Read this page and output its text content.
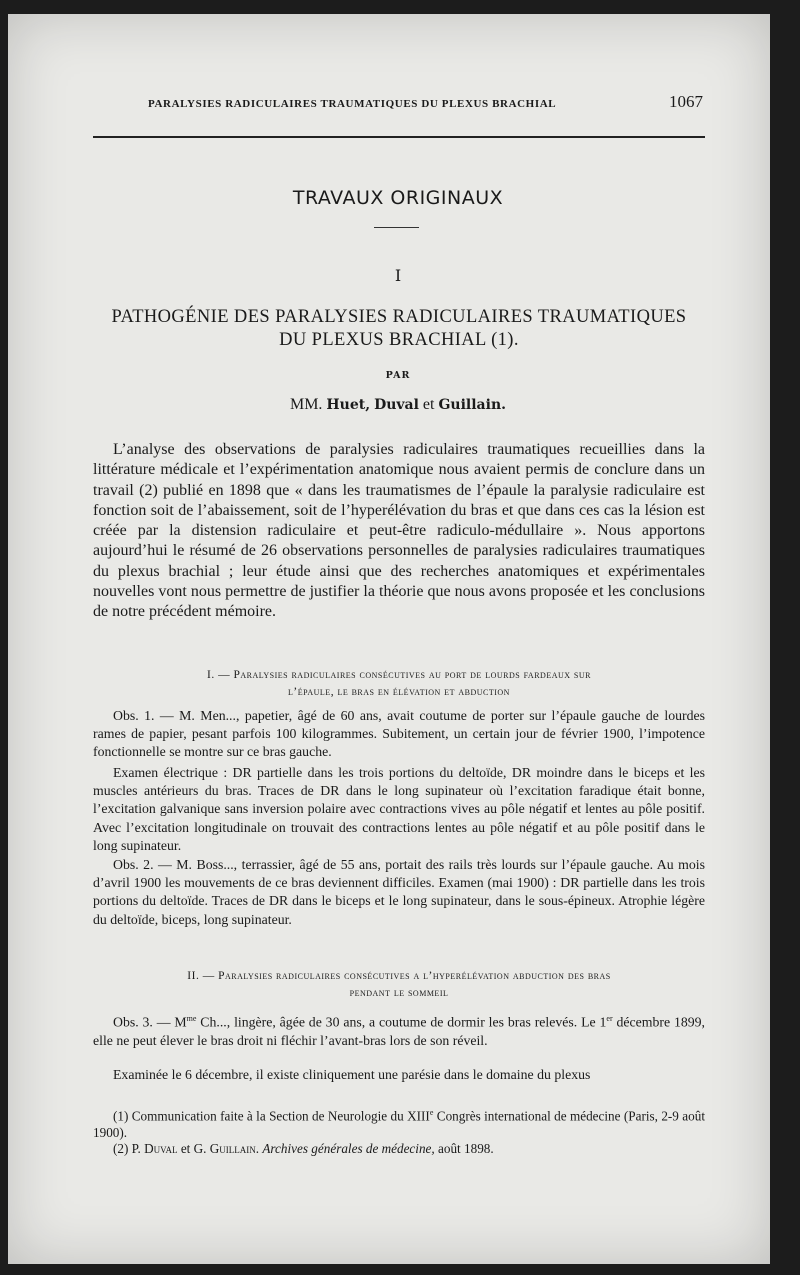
PARALYSIES RADICULAIRES TRAUMATIQUES DU PLEXUS BRACHIAL	1067
TRAVAUX ORIGINAUX
I
PATHOGÉNIE DES PARALYSIES RADICULAIRES TRAUMATIQUES
DU PLEXUS BRACHIAL (1).
PAR
MM. Huet, Duval et Guillain.

L’analyse des observations de paralysies radiculaires traumatiques recueillies dans la littérature médicale et l’expérimentation anatomique nous avaient permis de conclure dans un travail (2) publié en 1898 que « dans les traumatismes de l’épaule la paralysie radiculaire est fonction soit de l’abaissement, soit de l’hyperélévation du bras et que dans ces cas la lésion est créée par la distension radiculaire et peut-être radiculo-médullaire ». Nous apportons aujourd’hui le résumé de 26 observations personnelles de paralysies radiculaires traumatiques du plexus brachial ; leur étude ainsi que des recherches anatomiques et expérimentales nouvelles vont nous permettre de justifier la théorie que nous avons proposée et les conclusions de notre précédent mémoire.

I. — Paralysies radiculaires consécutives au port de lourds fardeaux sur
l’épaule, le bras en élévation et abduction

Obs. 1. — M. Men..., papetier, âgé de 60 ans, avait coutume de porter sur l’épaule gauche de lourdes rames de papier, pesant parfois 100 kilogrammes. Subitement, un certain jour de février 1900, l’impotence fonctionnelle se montre sur ce bras gauche.

Examen électrique : DR partielle dans les trois portions du deltoïde, DR moindre dans le biceps et les muscles antérieurs du bras. Traces de DR dans le long supinateur où l’excitation faradique était bonne, l’excitation galvanique sans inversion polaire avec contractions vives au pôle négatif et lentes au pôle positif. Avec l’excitation longitudinale on trouvait des contractions lentes au pôle négatif et au pôle positif dans le long supinateur.

Obs. 2. — M. Boss..., terrassier, âgé de 55 ans, portait des rails très lourds sur l’épaule gauche. Au mois d’avril 1900 les mouvements de ce bras deviennent difficiles. Examen (mai 1900) : DR partielle dans les trois portions du deltoïde. Traces de DR dans le biceps et le long supinateur, dans le sous-épineux. Atrophie légère du deltoïde, biceps, long supinateur.

II. — Paralysies radiculaires consécutives a l’hyperélévation abduction des bras
pendant le sommeil

Obs. 3. — $M^{me}$ Ch..., lingère, âgée de 30 ans, a coutume de dormir les bras relevés. Le 1er décembre 1899, elle ne peut élever le bras droit ni fléchir l’avant-bras lors de son réveil.

Examinée le 6 décembre, il existe cliniquement une parésie dans le domaine du plexus

(1) Communication faite à la Section de Neurologie du XIIIe Congrès international de médecine (Paris, 2-9 août 1900).

(2) P. Duval et G. Guillain. Archives générales de médecine, août 1898.
